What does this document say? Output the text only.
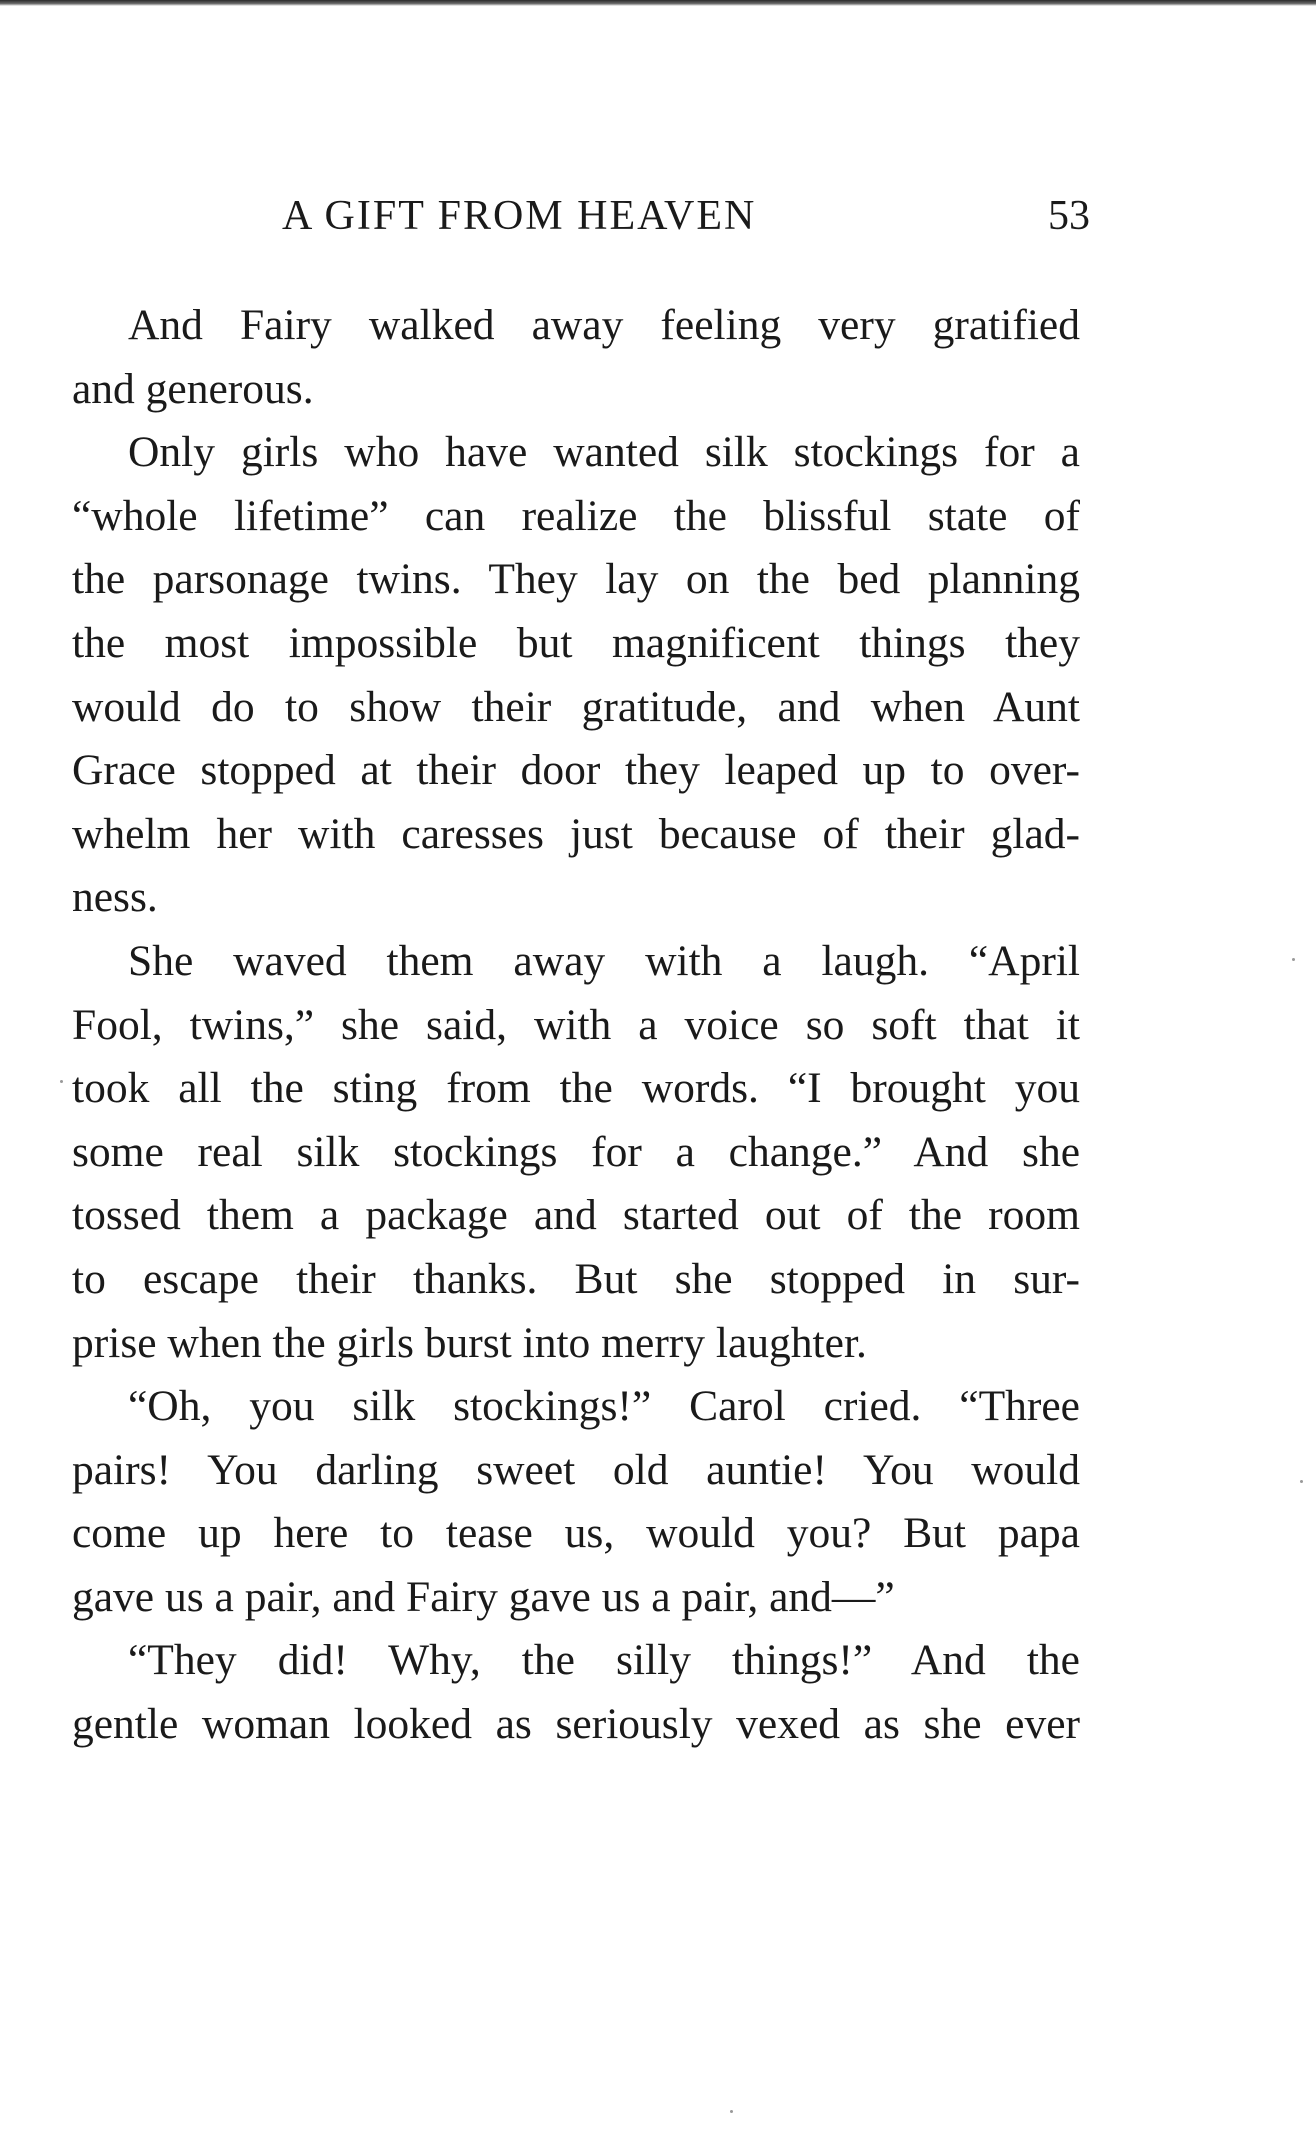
A GIFT FROM HEAVEN	53
And Fairy walked away feeling very gratified
and generous.
Only girls who have wanted silk stockings for a
“whole lifetime” can realize the blissful state of
the parsonage twins. They lay on the bed planning
the most impossible but magnificent things they
would do to show their gratitude, and when Aunt
Grace stopped at their door they leaped up to over-
whelm her with caresses just because of their glad-
ness.
She waved them away with a laugh. “April
Fool, twins,” she said, with a voice so soft that it
took all the sting from the words. “I brought you
some real silk stockings for a change.” And she
tossed them a package and started out of the room
to escape their thanks. But she stopped in sur-
prise when the girls burst into merry laughter.
“Oh, you silk stockings!” Carol cried. “Three
pairs! You darling sweet old auntie! You would
come up here to tease us, would you? But papa
gave us a pair, and Fairy gave us a pair, and—”
“They did! Why, the silly things!” And the
gentle woman looked as seriously vexed as she ever
